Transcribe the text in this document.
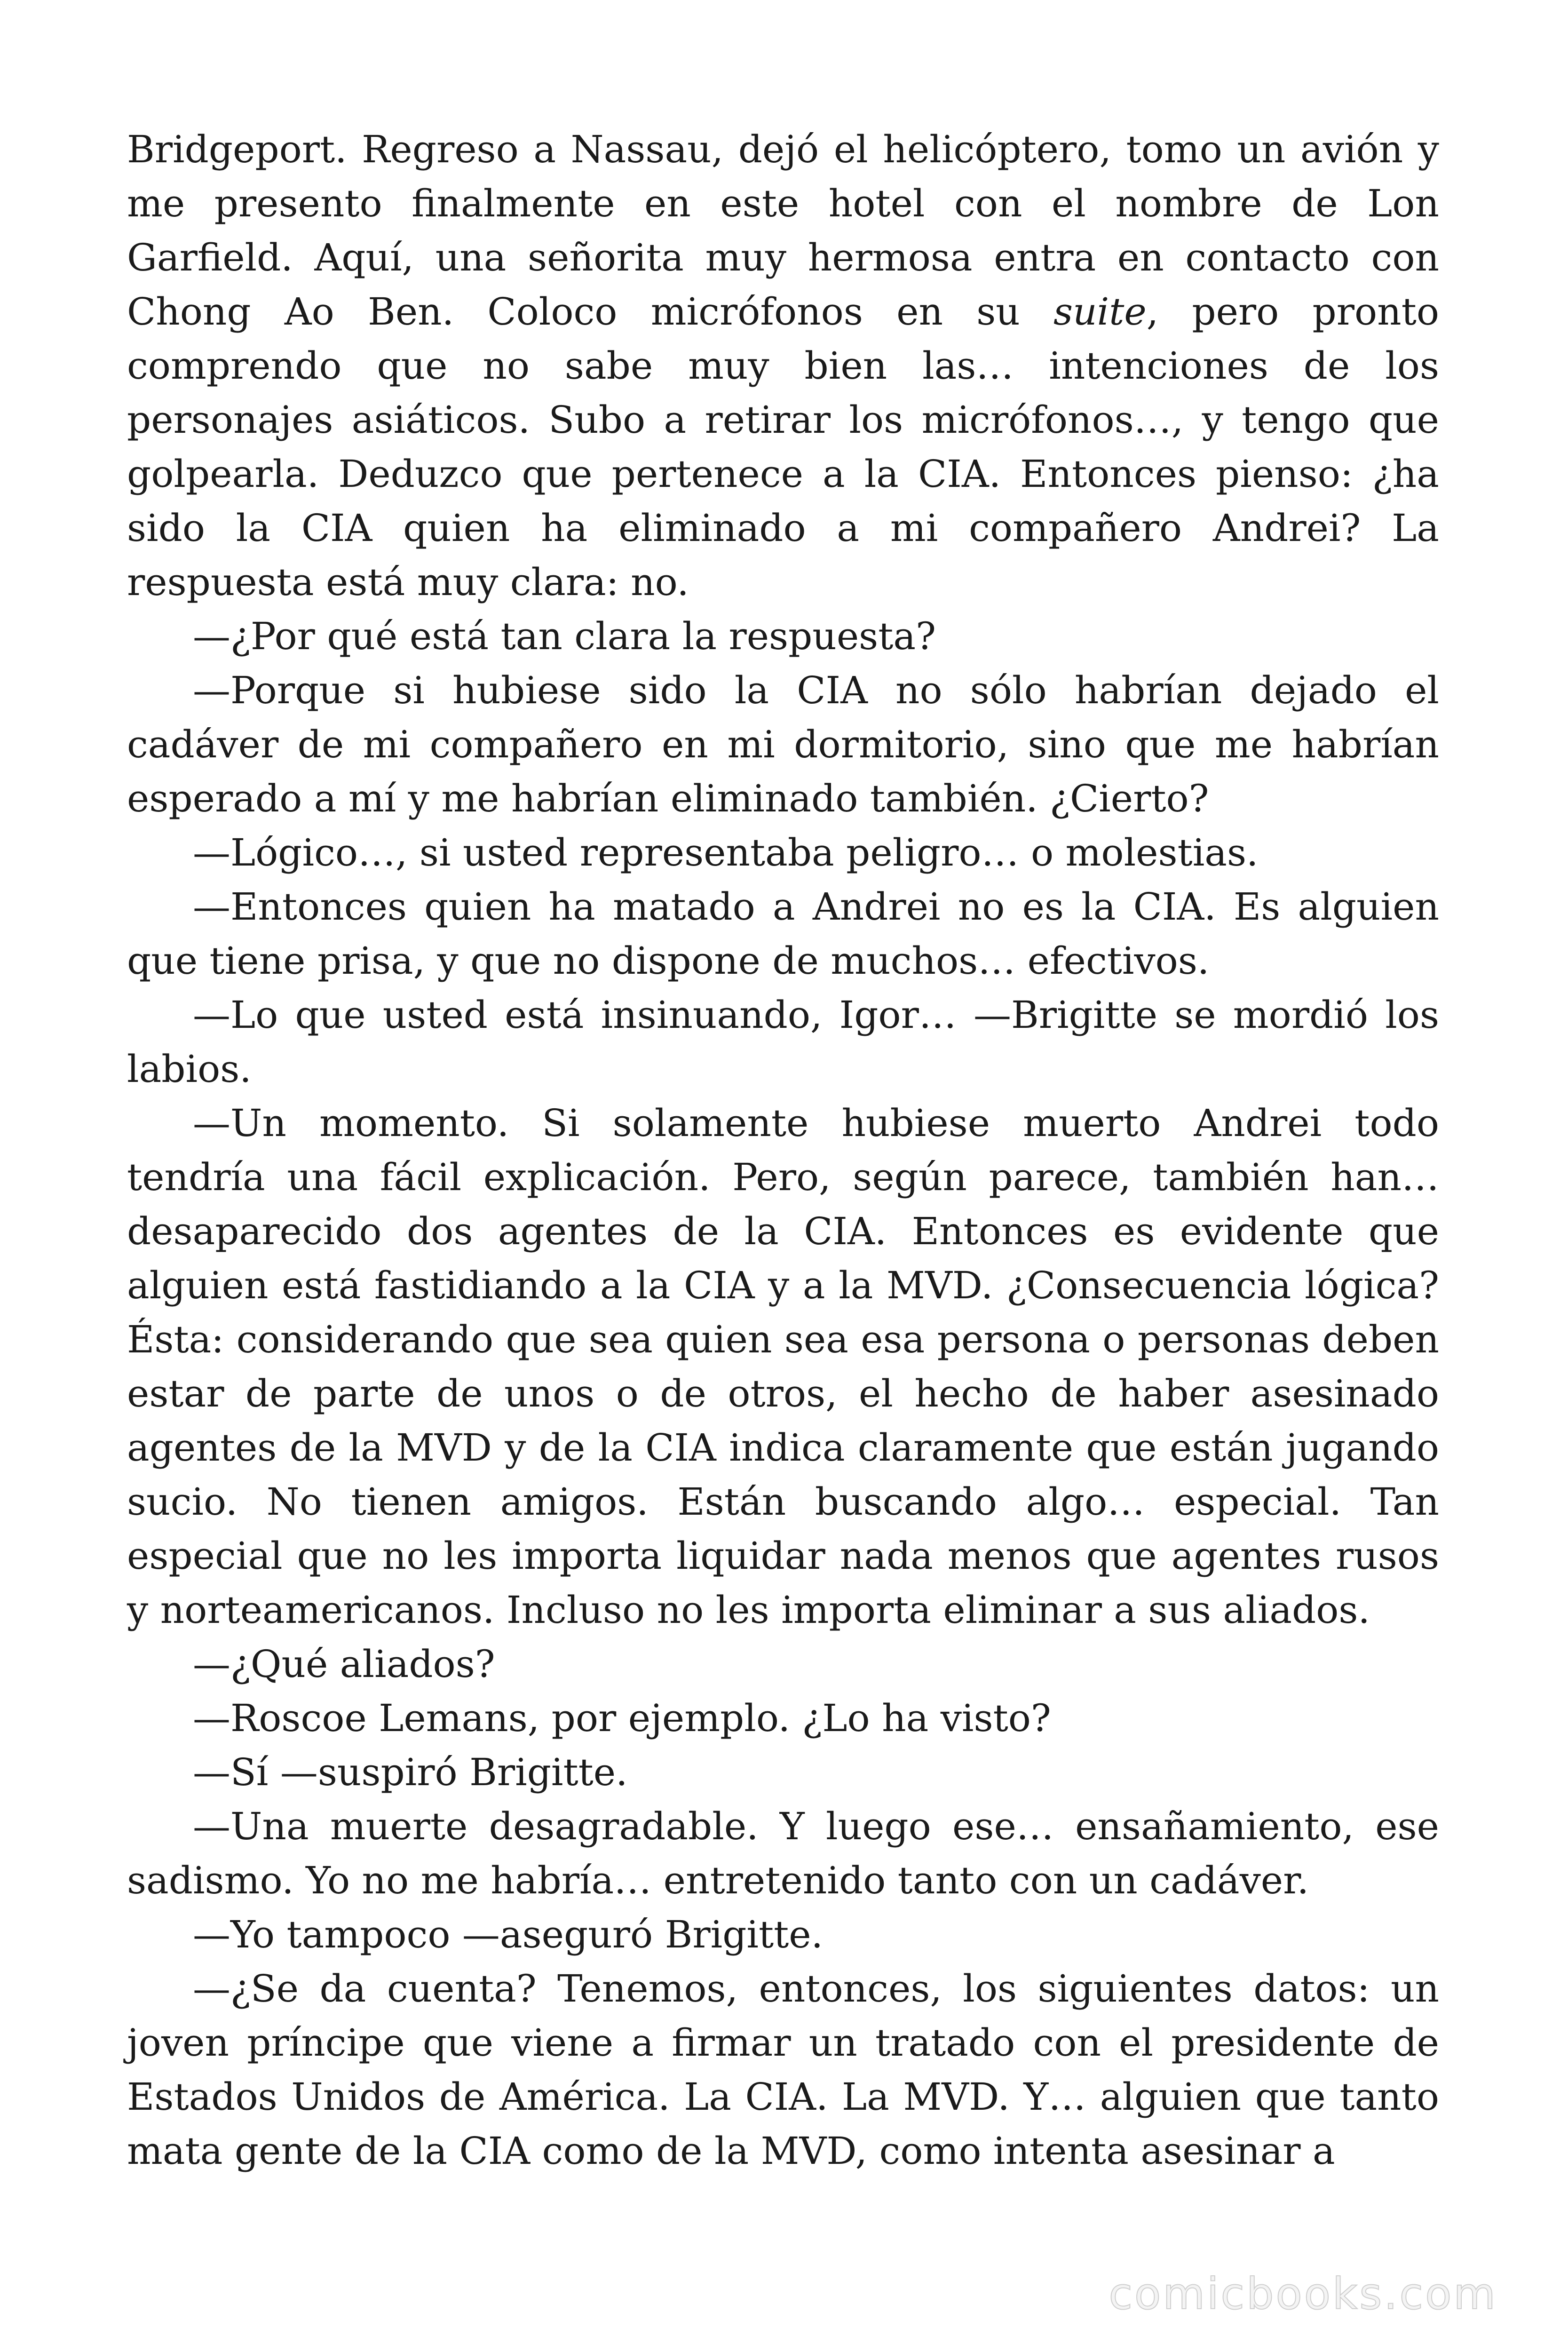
Bridgeport. Regreso a Nassau, dejó el helicóptero, tomo un avión y me presento finalmente en este hotel con el nombre de Lon Garfield. Aquí, una señorita muy hermosa entra en contacto con Chong Ao Ben. Coloco micrófonos en su suite, pero pronto comprendo que no sabe muy bien las… intenciones de los personajes asiáticos. Subo a retirar los micrófonos…, y tengo que golpearla. Deduzco que pertenece a la CIA. Entonces pienso: ¿ha sido la CIA quien ha eliminado a mi compañero Andrei? La respuesta está muy clara: no.

—¿Por qué está tan clara la respuesta?

—Porque si hubiese sido la CIA no sólo habrían dejado el cadáver de mi compañero en mi dormitorio, sino que me habrían esperado a mí y me habrían eliminado también. ¿Cierto?

—Lógico…, si usted representaba peligro… o molestias.

—Entonces quien ha matado a Andrei no es la CIA. Es alguien que tiene prisa, y que no dispone de muchos… efectivos.

—Lo que usted está insinuando, Igor… —Brigitte se mordió los labios.

—Un momento. Si solamente hubiese muerto Andrei todo tendría una fácil explicación. Pero, según parece, también han… desaparecido dos agentes de la CIA. Entonces es evidente que alguien está fastidiando a la CIA y a la MVD. ¿Consecuencia lógica? Ésta: considerando que sea quien sea esa persona o personas deben estar de parte de unos o de otros, el hecho de haber asesinado agentes de la MVD y de la CIA indica claramente que están jugando sucio. No tienen amigos. Están buscando algo… especial. Tan especial que no les importa liquidar nada menos que agentes rusos y norteamericanos. Incluso no les importa eliminar a sus aliados.

—¿Qué aliados?

—Roscoe Lemans, por ejemplo. ¿Lo ha visto?

—Sí —suspiró Brigitte.

—Una muerte desagradable. Y luego ese… ensañamiento, ese sadismo. Yo no me habría… entretenido tanto con un cadáver.

—Yo tampoco —aseguró Brigitte.

—¿Se da cuenta? Tenemos, entonces, los siguientes datos: un joven príncipe que viene a firmar un tratado con el presidente de Estados Unidos de América. La CIA. La MVD. Y… alguien que tanto mata gente de la CIA como de la MVD, como intenta asesinar a

comicbooks.com
